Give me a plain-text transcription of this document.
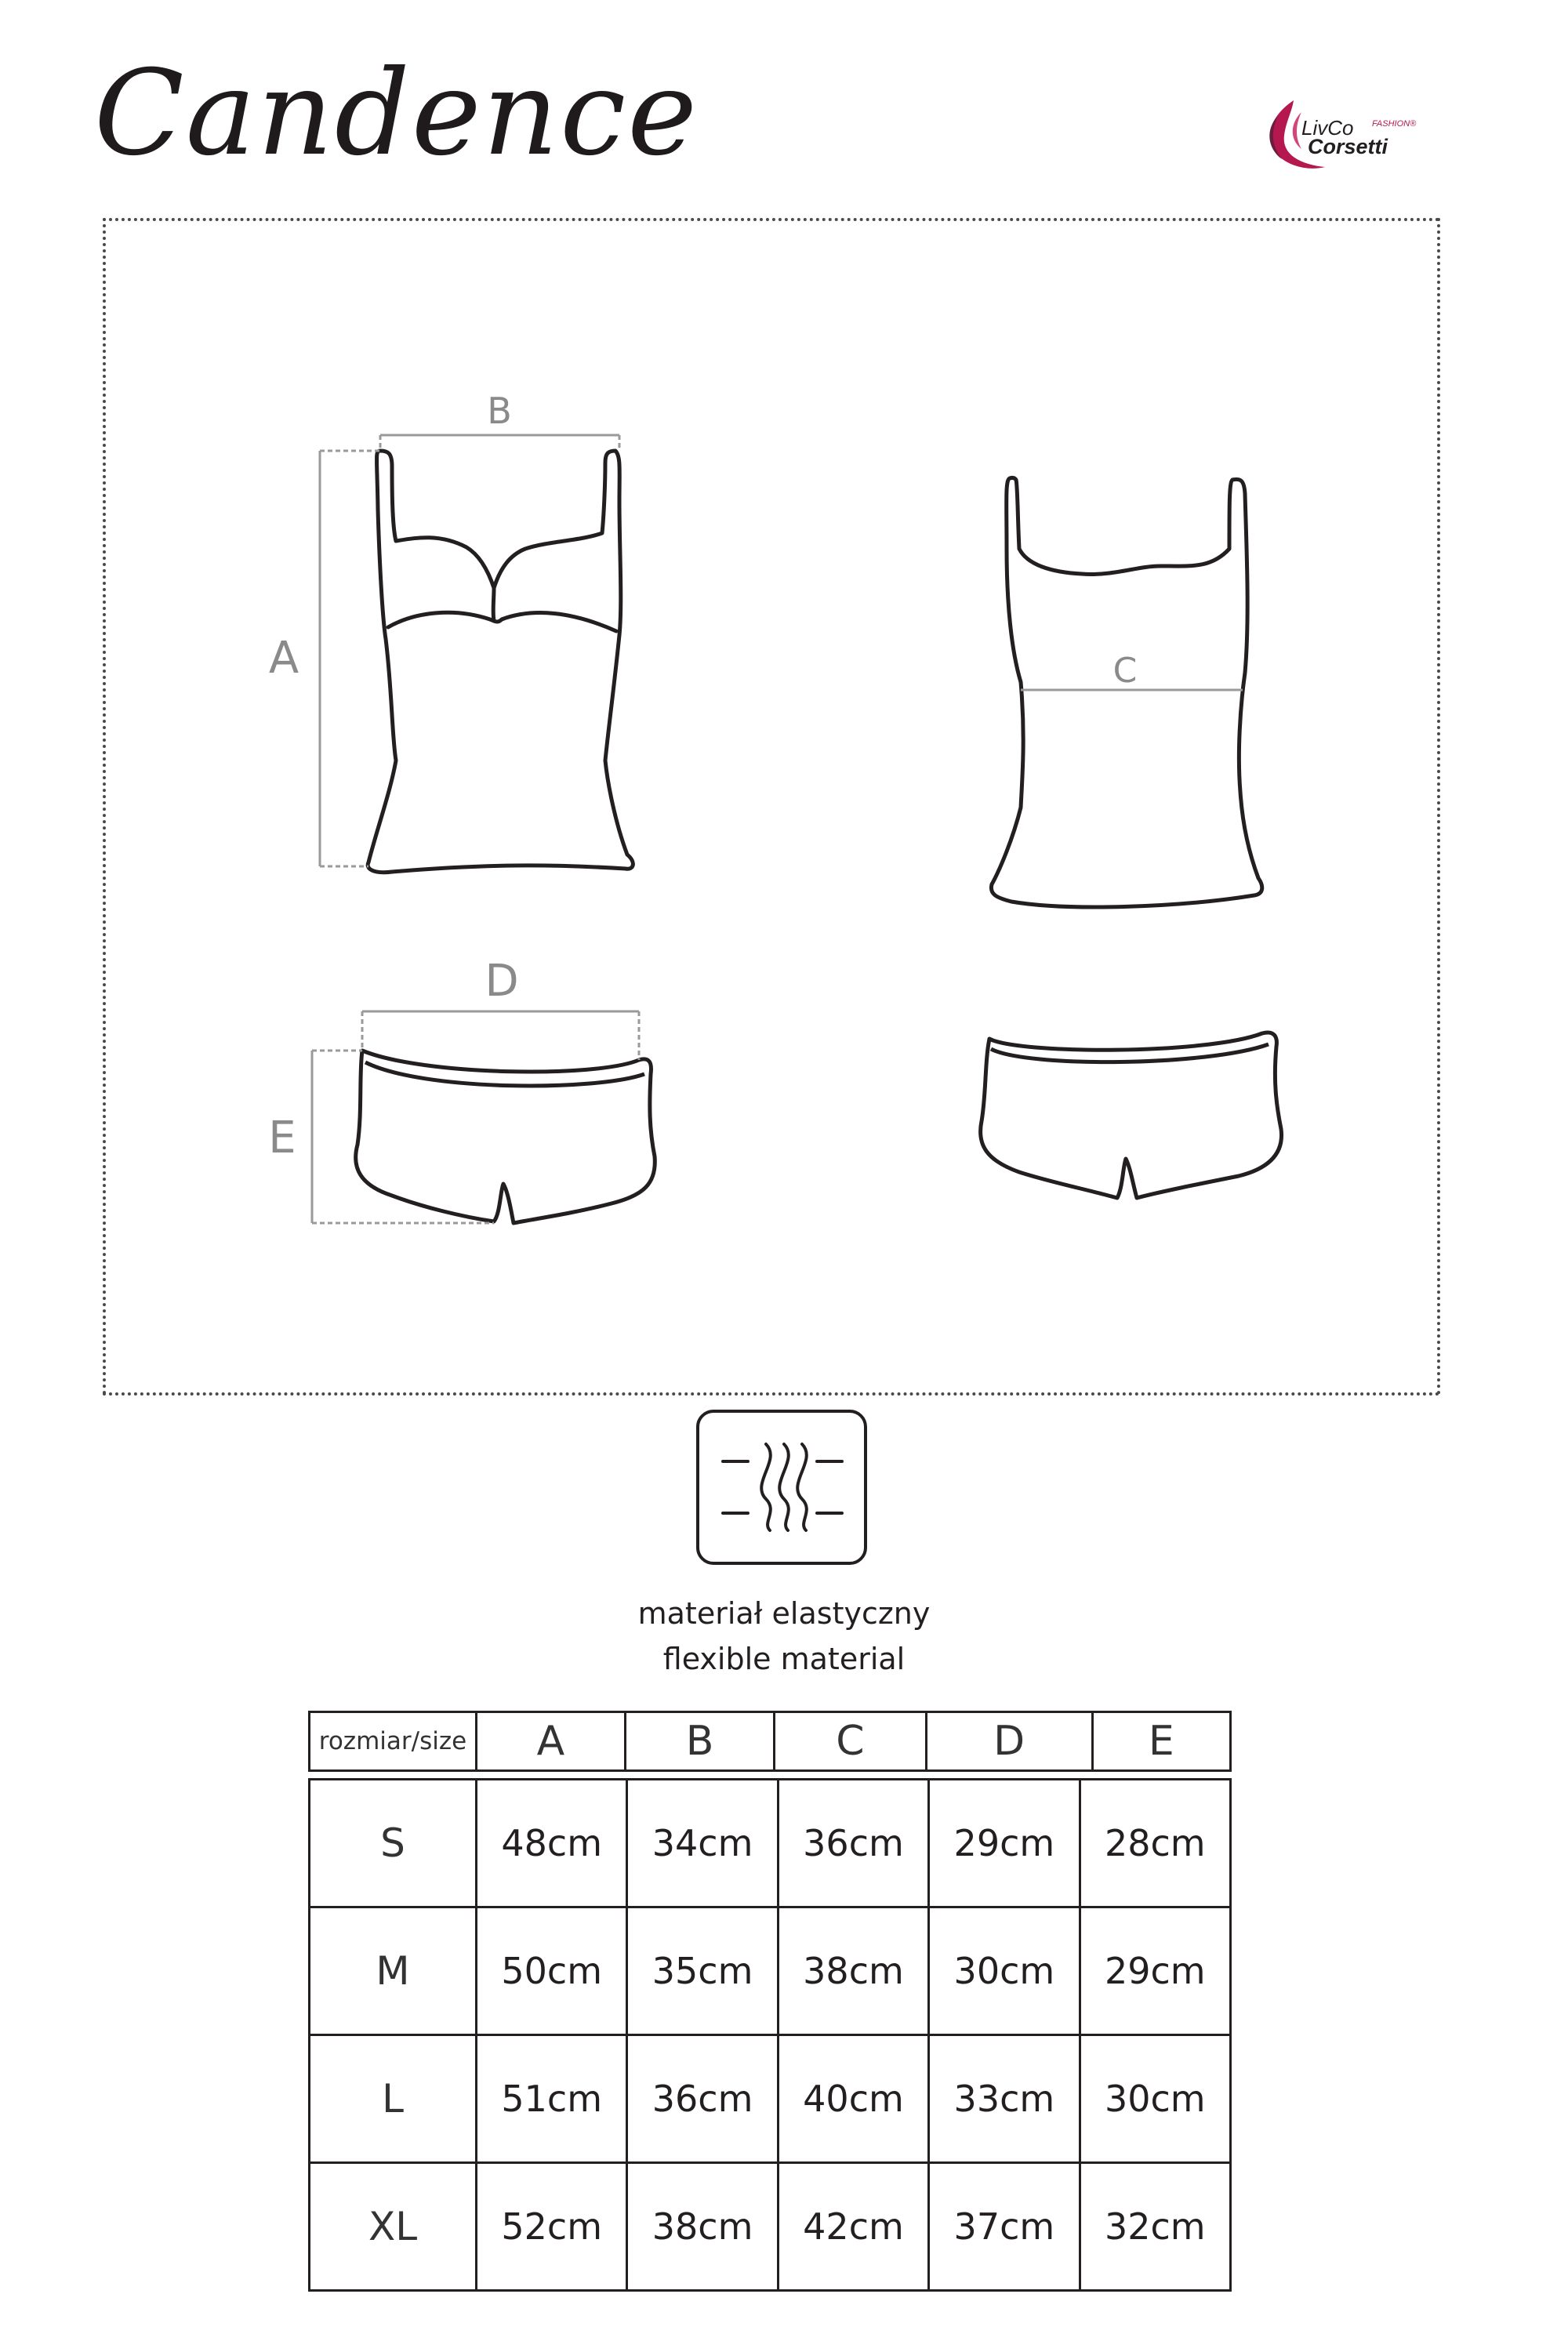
Candence	LivCo FASHION®
Corsetti
B
A	C
D
E
materiał elastyczny
flexible material
rozmiar/size	A	B	C	D	E
S	48cm	34cm	36cm	29cm	28cm
M	50cm	35cm	38cm	30cm	29cm
L	51cm	36cm	40cm	33cm	30cm
XL	52cm	38cm	42cm	37cm	32cm
